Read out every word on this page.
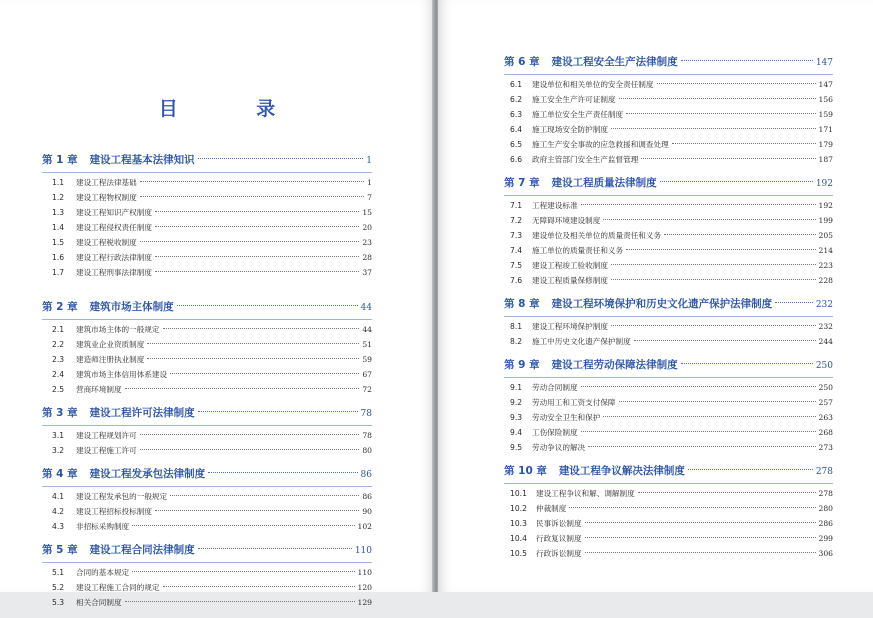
目 录
第 1 章 建设工程基本法律知识	1
1.1	建设工程法律基础	1
1.2	建设工程物权制度	7
1.3	建设工程知识产权制度	15
1.4	建设工程侵权责任制度	20
1.5	建设工程税收制度	23
1.6	建设工程行政法律制度	28
1.7	建设工程刑事法律制度	37
第 2 章 建筑市场主体制度	44
2.1	建筑市场主体的一般规定	44
2.2	建筑业企业资质制度	51
2.3	建造师注册执业制度	59
2.4	建筑市场主体信用体系建设	67
2.5	营商环境制度	72
第 3 章 建设工程许可法律制度	78
3.1	建设工程规划许可	78
3.2	建设工程施工许可	80
第 4 章 建设工程发承包法律制度	86
4.1	建设工程发承包的一般规定	86
4.2	建设工程招标投标制度	90
4.3	非招标采购制度	102
第 5 章 建设工程合同法律制度	110
5.1	合同的基本规定	110
5.2	建设工程施工合同的规定	120
5.3	相关合同制度	129
第 6 章 建设工程安全生产法律制度	147
6.1	建设单位和相关单位的安全责任制度	147
6.2	施工安全生产许可证制度	156
6.3	施工单位安全生产责任制度	159
6.4	施工现场安全防护制度	171
6.5	施工生产安全事故的应急救援和调查处理	179
6.6	政府主管部门安全生产监督管理	187
第 7 章 建设工程质量法律制度	192
7.1	工程建设标准	192
7.2	无障碍环境建设制度	199
7.3	建设单位及相关单位的质量责任和义务	205
7.4	施工单位的质量责任和义务	214
7.5	建设工程竣工验收制度	223
7.6	建设工程质量保修制度	228
第 8 章 建设工程环境保护和历史文化遗产保护法律制度	232
8.1	建设工程环境保护制度	232
8.2	施工中历史文化遗产保护制度	244
第 9 章 建设工程劳动保障法律制度	250
9.1	劳动合同制度	250
9.2	劳动用工和工资支付保障	257
9.3	劳动安全卫生和保护	263
9.4	工伤保险制度	268
9.5	劳动争议的解决	273
第 10 章 建设工程争议解决法律制度	278
10.1	建设工程争议和解、调解制度	278
10.2	仲裁制度	280
10.3	民事诉讼制度	286
10.4	行政复议制度	299
10.5	行政诉讼制度	306
